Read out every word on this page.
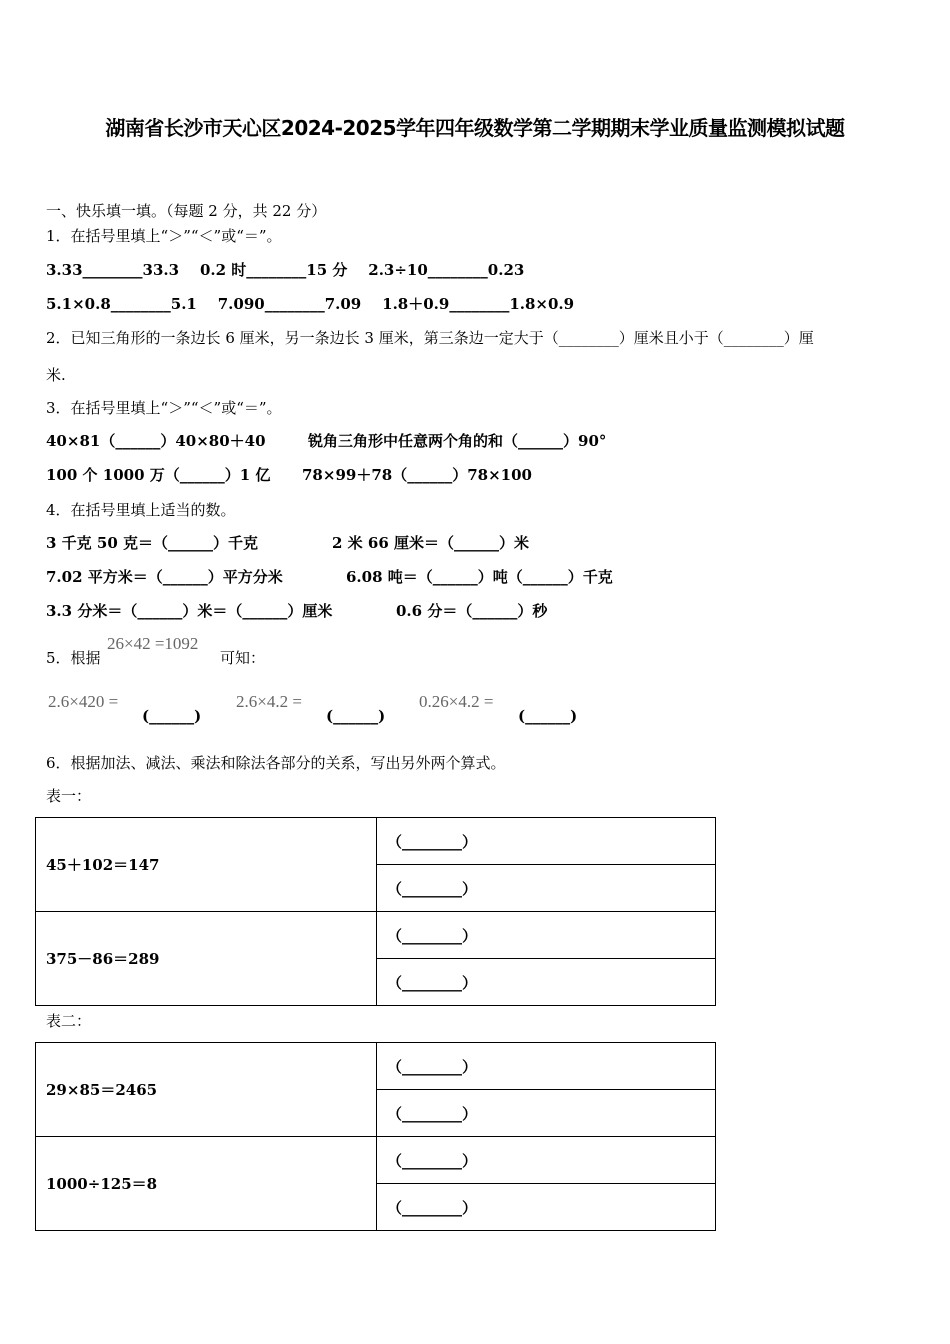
湖南省长沙市天心区2024-2025学年四年级数学第二学期期末学业质量监测模拟试题
一、快乐填一填。（每题 2 分，共 22 分）
1．在括号里填上“＞”“＜”或“＝”。
3.33________33.3    0.2 时________15 分    2.3÷10________0.23
5.1×0.8________5.1    7.090________7.09    1.8＋0.9________1.8×0.9
2．已知三角形的一条边长 6 厘米，另一条边长 3 厘米，第三条边一定大于（________）厘米且小于（________）厘
米.
3．在括号里填上“＞”“＜”或“＝”。
40×81（______）40×80＋40	锐角三角形中任意两个角的和（______）90°
100 个 1000 万（______）1 亿 78×99＋78（______）78×100
4．在括号里填上适当的数。
3 千克 50 克＝（______）千克	2 米 66 厘米＝（______）米
7.02 平方米＝（______）平方分米	6.08 吨＝（______）吨（______）千克
3.3 分米＝（______）米＝（______）厘米	0.6 分＝（______）秒
5．根据
26×42 =1092
可知：
2.6×420 =
(______)
2.6×4.2 =
(______)
0.26×4.2 =
(______)
6．根据加法、减法、乘法和除法各部分的关系，写出另外两个算式。
表一：
45＋102＝147	（________）
	（________）
375－86＝289	（________）
	（________）
表二：
29×85＝2465	（________）
	（________）
1000÷125＝8	（________）
	（________）
